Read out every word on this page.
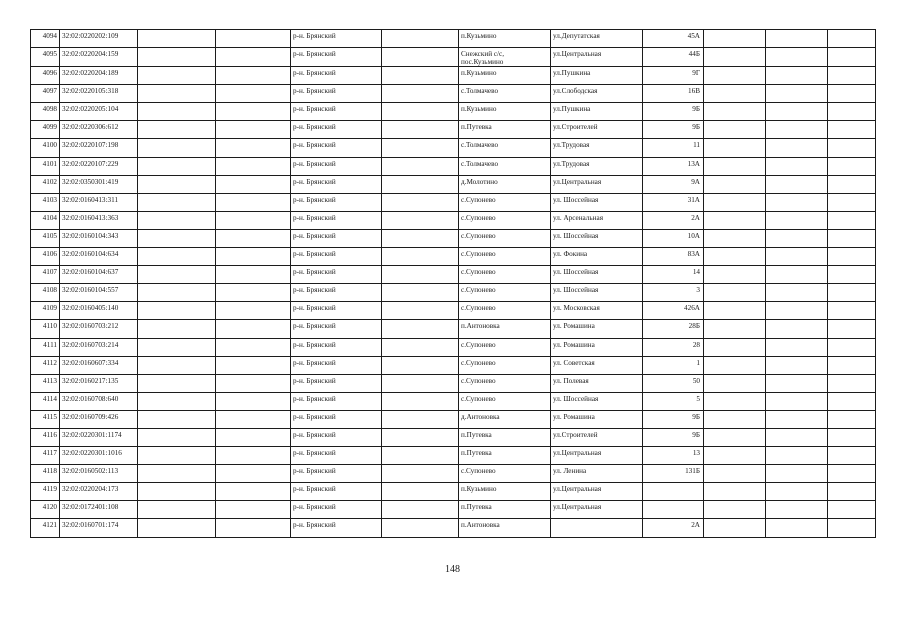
4094	32:02:0220202:109			р-н. Брянский		п.Кузьмино	ул.Депутатская	45А			
4095	32:02:0220204:159			р-н. Брянский		Снежский с/с, пос.Кузьмино	ул.Центральная	44Б			
4096	32:02:0220204:189			р-н. Брянский		п.Кузьмино	ул.Пушкина	9Г			
4097	32:02:0220105:318			р-н. Брянский		с.Толмачево	ул.Слободская	16В			
4098	32:02:0220205:104			р-н. Брянский		п.Кузьмино	ул.Пушкина	9Б			
4099	32:02:0220306:612			р-н. Брянский		п.Путевка	ул.Строителей	9Б			
4100	32:02:0220107:198			р-н. Брянский		с.Толмачево	ул.Трудовая	11			
4101	32:02:0220107:229			р-н. Брянский		с.Толмачево	ул.Трудовая	13А			
4102	32:02:0350301:419			р-н. Брянский		д.Молотино	ул.Центральная	9А			
4103	32:02:0160413:311			р-н. Брянский		с.Супонево	ул. Шоссейная	31А			
4104	32:02:0160413:363			р-н. Брянский		с.Супонево	ул. Арсенальная	2А			
4105	32:02:0160104:343			р-н. Брянский		с.Супонево	ул. Шоссейная	10А			
4106	32:02:0160104:634			р-н. Брянский		с.Супонево	ул. Фокина	83А			
4107	32:02:0160104:637			р-н. Брянский		с.Супонево	ул. Шоссейная	14			
4108	32:02:0160104:557			р-н. Брянский		с.Супонево	ул. Шоссейная	3			
4109	32:02:0160405:140			р-н. Брянский		с.Супонево	ул. Московская	426А			
4110	32:02:0160703:212			р-н. Брянский		п.Антоновка	ул. Ромашина	28Б			
4111	32:02:0160703:214			р-н. Брянский		с.Супонево	ул. Ромашина	28			
4112	32:02:0160607:334			р-н. Брянский		с.Супонево	ул. Советская	1			
4113	32:02:0160217:135			р-н. Брянский		с.Супонево	ул. Полевая	50			
4114	32:02:0160708:640			р-н. Брянский		с.Супонево	ул. Шоссейная	5			
4115	32:02:0160709:426			р-н. Брянский		д.Антоновка	ул. Ромашина	9Б			
4116	32:02:0220301:1174			р-н. Брянский		п.Путевка	ул.Строителей	9Б			
4117	32:02:0220301:1016			р-н. Брянский		п.Путевка	ул.Центральная	13			
4118	32:02:0160502:113			р-н. Брянский		с.Супонево	ул. Ленина	131Б			
4119	32:02:0220204:173			р-н. Брянский		п.Кузьмино	ул.Центральная				
4120	32:02:0172401:108			р-н. Брянский		п.Путевка	ул.Центральная				
4121	32:02:0160701:174			р-н. Брянский		п.Антоновка		2А			
148
